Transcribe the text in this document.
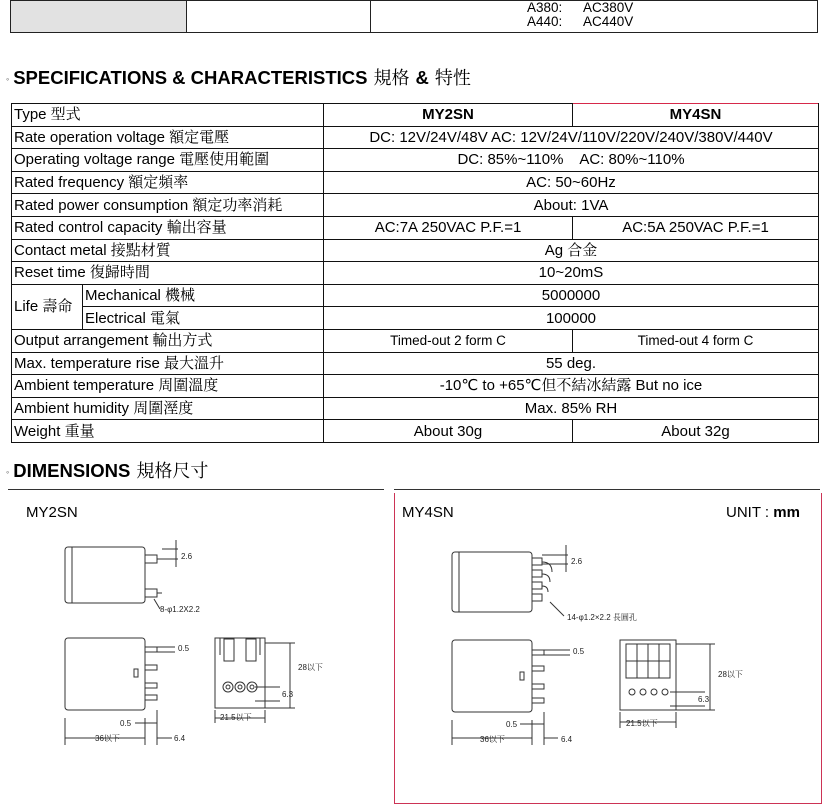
A380: AC380V
A440: AC440V
◦ SPECIFICATIONS & CHARACTERISTICS 規格 & 特性
Type 型式		MY2SN	MY4SN
Rate operation voltage 額定電壓		DC: 12V/24V/48V AC: 12V/24V/110V/220V/240V/380V/440V	
Operating voltage range 電壓使用範圍		DC: 85%~110%    AC: 80%~110%	
Rated frequency 額定頻率		AC: 50~60Hz	
Rated power consumption 額定功率消耗		About: 1VA	
Rated control capacity 輸出容量		AC:7A 250VAC P.F.=1	AC:5A 250VAC P.F.=1
Contact metal 接點材質		Ag 合金	
Reset time 復歸時間		10~20mS	
Life 壽命	Mechanical 機械	5000000	
	Electrical 電氣	100000	
Output arrangement 輸出方式		Timed-out 2 form C	Timed-out 4 form C
Max. temperature rise 最大溫升		55 deg.	
Ambient temperature 周圍溫度		-10℃ to +65℃但不結冰結露 But no ice	
Ambient humidity 周圍溼度		Max. 85% RH	
Weight 重量		About 30g	About 32g
◦ DIMENSIONS 規格尺寸
MY2SN	MY4SN	UNIT : mm
2.6
8-φ1.2X2.2
0.5
28以下
6.3
21.5以下
0.5
36以下	6.4
2.6
14-φ1.2×2.2 長圓孔
0.5
28以下
6.3
21.5以下
0.5
36以下	6.4
